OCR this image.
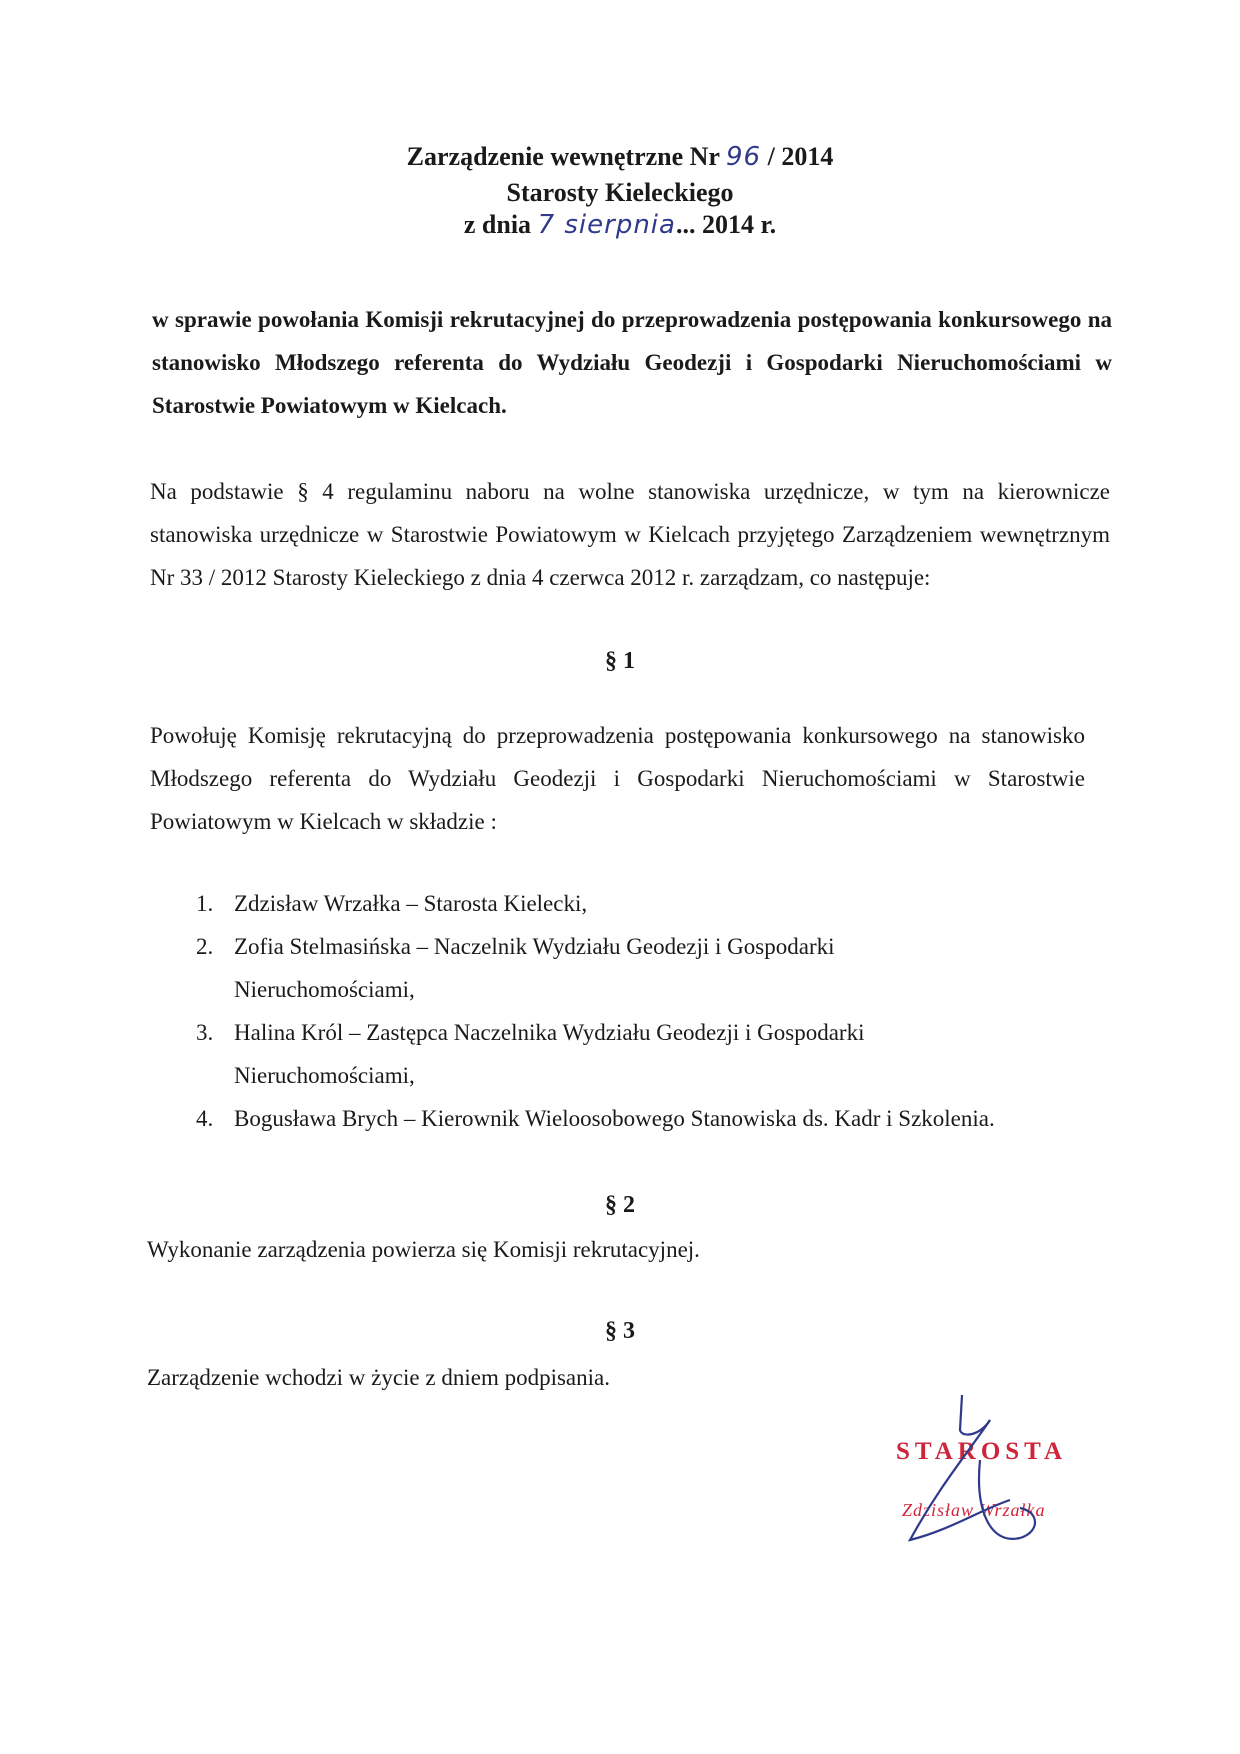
Zarządzenie wewnętrzne Nr 96 / 2014
Starosty Kieleckiego
z dnia 7 sierpnia... 2014 r.
w sprawie powołania Komisji rekrutacyjnej do przeprowadzenia postępowania konkursowego na stanowisko Młodszego referenta do Wydziału Geodezji i Gospodarki Nieruchomościami w Starostwie Powiatowym w Kielcach.
Na podstawie § 4 regulaminu naboru na wolne stanowiska urzędnicze, w tym na kierownicze stanowiska urzędnicze w Starostwie Powiatowym w Kielcach przyjętego Zarządzeniem wewnętrznym Nr 33 / 2012 Starosty Kieleckiego z dnia 4 czerwca 2012 r. zarządzam, co następuje:
§ 1
Powołuję Komisję rekrutacyjną do przeprowadzenia postępowania konkursowego na stanowisko Młodszego referenta do Wydziału Geodezji i Gospodarki Nieruchomościami w Starostwie Powiatowym w Kielcach w składzie :
1. Zdzisław Wrzałka – Starosta Kielecki,
2. Zofia Stelmasińska – Naczelnik Wydziału Geodezji i Gospodarki Nieruchomościami,
3. Halina Król – Zastępca Naczelnika Wydziału Geodezji i Gospodarki Nieruchomościami,
4. Bogusława Brych – Kierownik Wieloosobowego Stanowiska ds. Kadr i Szkolenia.
§ 2
Wykonanie zarządzenia powierza się Komisji rekrutacyjnej.
§ 3
Zarządzenie wchodzi w życie z dniem podpisania.
STAROSTA
Zdzisław Wrzałka
